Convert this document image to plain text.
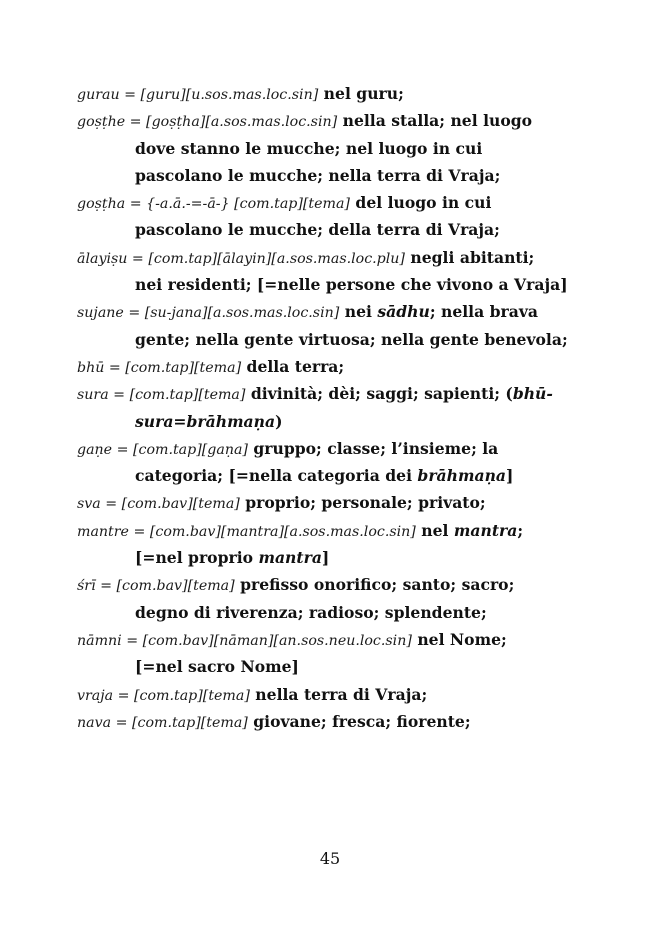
gurau = [guru][u.sos.mas.loc.sin] nel guru;
goṣṭhe = [goṣṭha][a.sos.mas.loc.sin] nella stalla; nel luogo
dove stanno le mucche; nel luogo in cui
pascolano le mucche; nella terra di Vraja;
goṣṭha = {-a.ā.-=-ā-} [com.tap][tema] del luogo in cui
pascolano le mucche; della terra di Vraja;
ālayiṣu = [com.tap][ālayin][a.sos.mas.loc.plu] negli abitanti;
nei residenti; [=nelle persone che vivono a Vraja]
sujane = [su-jana][a.sos.mas.loc.sin] nei sādhu; nella brava
gente; nella gente virtuosa; nella gente benevola;
bhū = [com.tap][tema] della terra;
sura = [com.tap][tema] divinità; dèi; saggi; sapienti; (bhū-
sura=brāhmaṇa)
gaṇe = [com.tap][gaṇa] gruppo; classe; l’insieme; la
categoria; [=nella categoria dei brāhmaṇa]
sva = [com.bav][tema] proprio; personale; privato;
mantre = [com.bav][mantra][a.sos.mas.loc.sin] nel mantra;
[=nel proprio mantra]
śrī = [com.bav][tema] prefisso onorifico; santo; sacro;
degno di riverenza; radioso; splendente;
nāmni = [com.bav][nāman][an.sos.neu.loc.sin] nel Nome;
[=nel sacro Nome]
vraja = [com.tap][tema] nella terra di Vraja;
nava = [com.tap][tema] giovane; fresca; fiorente;
45
